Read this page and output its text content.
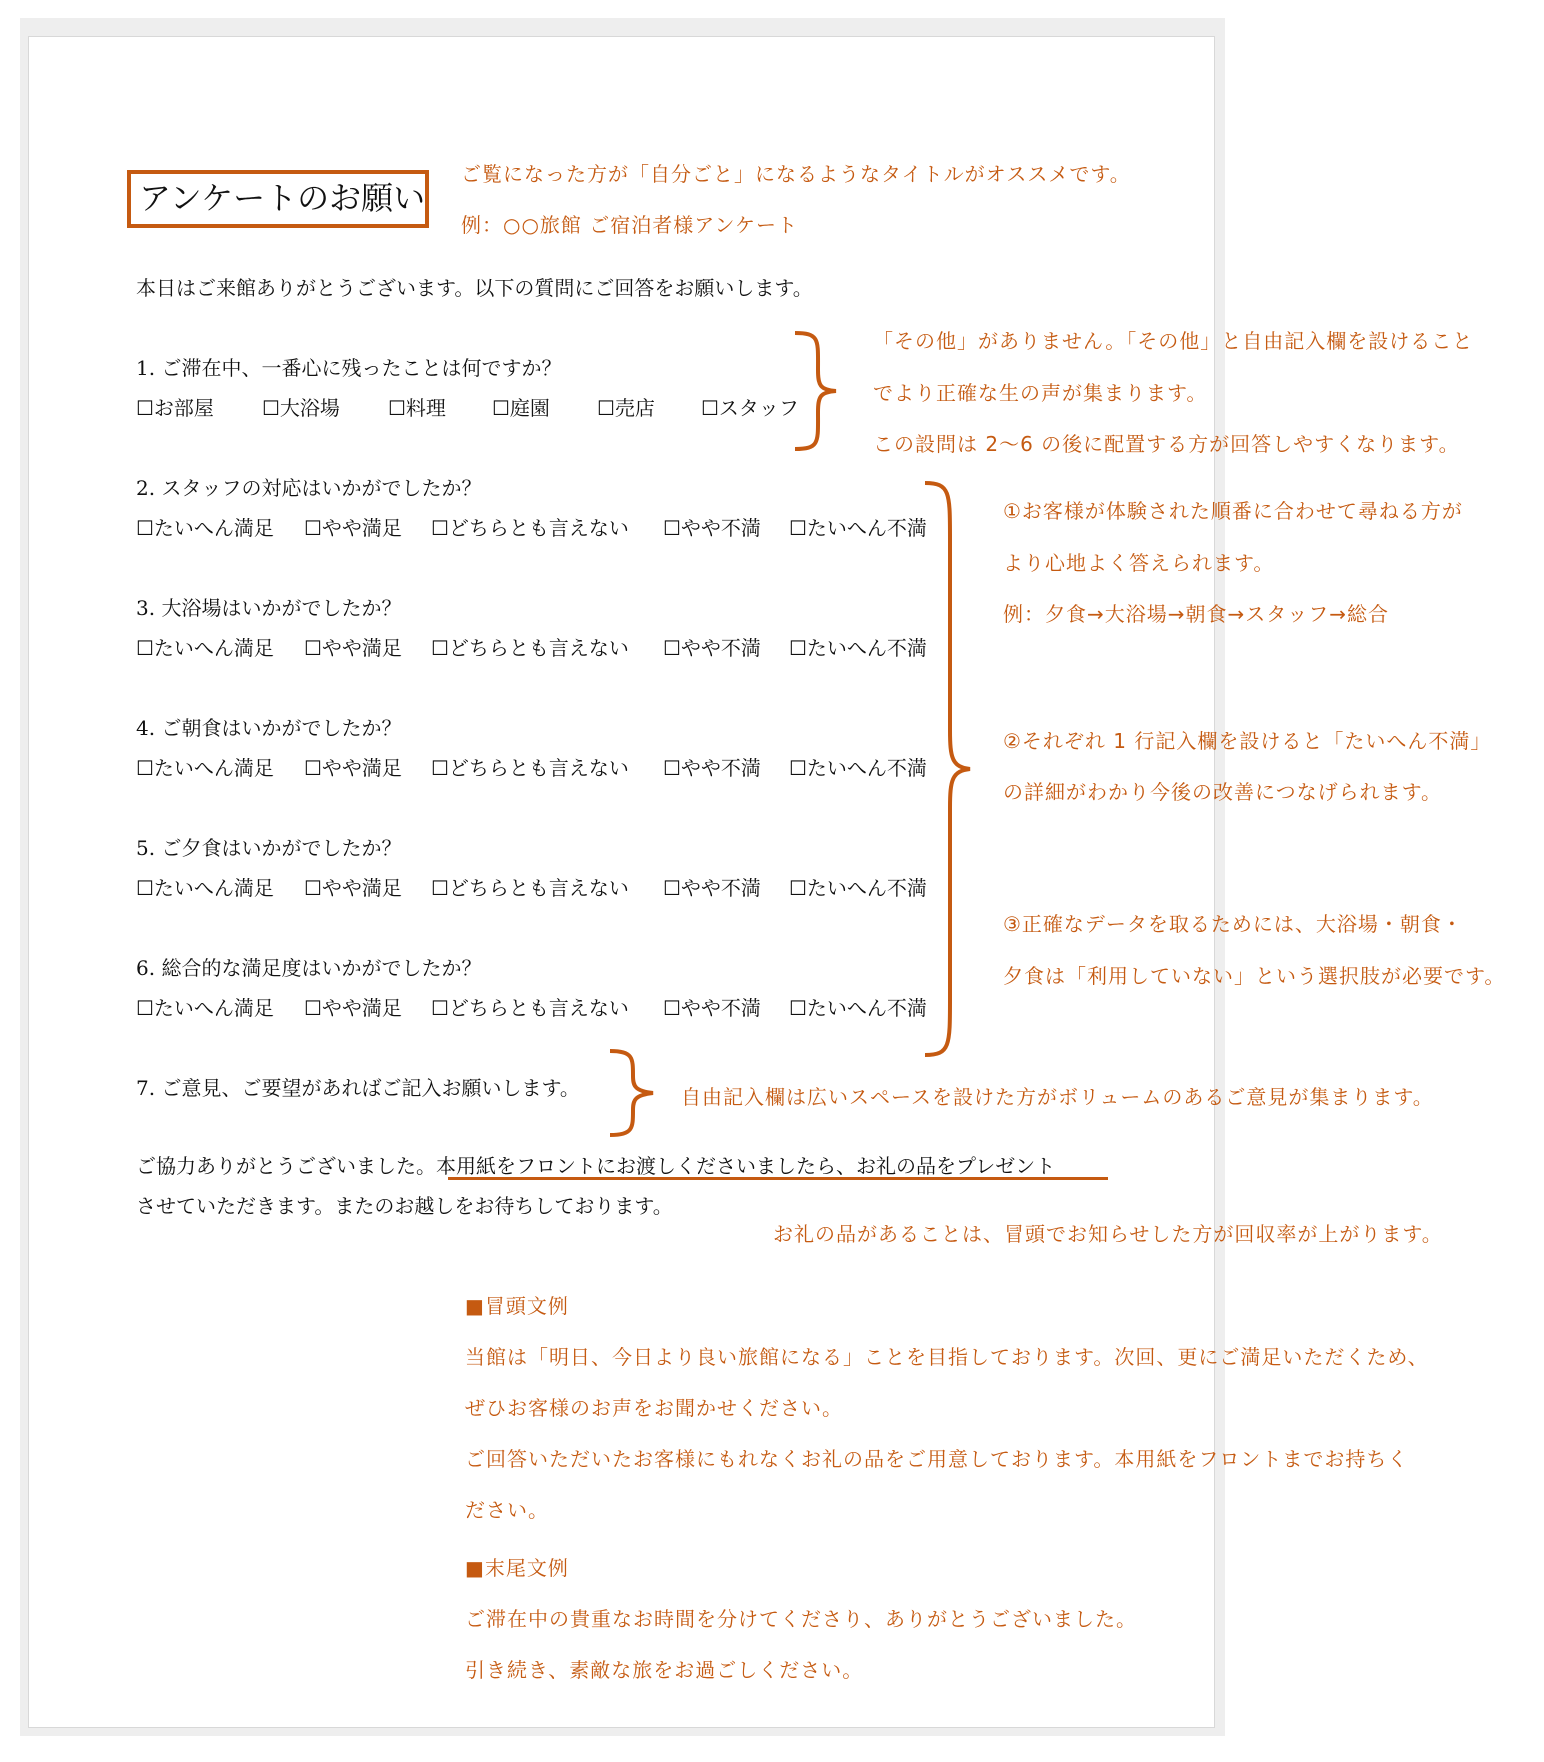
アンケートのお願い
ご覧になった方が「自分ごと」になるようなタイトルがオススメです。
例：○○旅館 ご宿泊者様アンケート
本日はご来館ありがとうございます。以下の質問にご回答をお願いします。
1. ご滞在中、一番心に残ったことは何ですか？
☐お部屋 ☐大浴場 ☐料理 ☐庭園 ☐売店 ☐スタッフ
「その他」がありません。「その他」と自由記入欄を設けること
でより正確な生の声が集まります。
この設問は 2〜6 の後に配置する方が回答しやすくなります。
2. スタッフの対応はいかがでしたか？
☐たいへん満足 ☐やや満足 ☐どちらとも言えない ☐やや不満 ☐たいへん不満
3. 大浴場はいかがでしたか？
☐たいへん満足 ☐やや満足 ☐どちらとも言えない ☐やや不満 ☐たいへん不満
4. ご朝食はいかがでしたか？
☐たいへん満足 ☐やや満足 ☐どちらとも言えない ☐やや不満 ☐たいへん不満
5. ご夕食はいかがでしたか？
☐たいへん満足 ☐やや満足 ☐どちらとも言えない ☐やや不満 ☐たいへん不満
6. 総合的な満足度はいかがでしたか？
☐たいへん満足 ☐やや満足 ☐どちらとも言えない ☐やや不満 ☐たいへん不満
①お客様が体験された順番に合わせて尋ねる方が
より心地よく答えられます。
例：夕食→大浴場→朝食→スタッフ→総合
②それぞれ 1 行記入欄を設けると「たいへん不満」
の詳細がわかり今後の改善につなげられます。
③正確なデータを取るためには、大浴場・朝食・
夕食は「利用していない」という選択肢が必要です。
7. ご意見、ご要望があればご記入お願いします。	自由記入欄は広いスペースを設けた方がボリュームのあるご意見が集まります。
ご協力ありがとうございました。本用紙をフロントにお渡しくださいましたら、お礼の品をプレゼント
させていただきます。またのお越しをお待ちしております。
お礼の品があることは、冒頭でお知らせした方が回収率が上がります。
■冒頭文例
当館は「明日、今日より良い旅館になる」ことを目指しております。次回、更にご満足いただくため、
ぜひお客様のお声をお聞かせください。
ご回答いただいたお客様にもれなくお礼の品をご用意しております。本用紙をフロントまでお持ちく
ださい。
■末尾文例
ご滞在中の貴重なお時間を分けてくださり、ありがとうございました。
引き続き、素敵な旅をお過ごしください。
